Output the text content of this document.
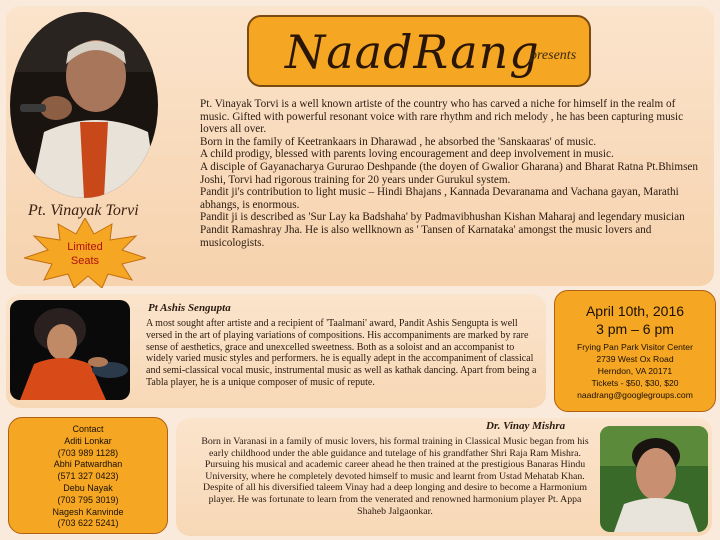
Pt. Vinayak Torvi
Limited
Seats
NaadRang
presents

Pt. Vinayak Torvi is a well known artiste of the country who has carved a niche for himself in the realm of music. Gifted with powerful resonant voice with rare rhythm and rich melody , he has been capturing music lovers all over.

Born in the family of Keetrankaars in Dharawad , he absorbed the 'Sanskaaras' of music.

A child prodigy, blessed with parents loving encouragement and deep involvement in music.

A disciple of Gayanacharya Gururao Deshpande (the doyen of Gwalior Gharana) and Bharat Ratna Pt.Bhimsen Joshi, Torvi had rigorous training for 20 years under Gurukul system.

Pandit ji's contribution to light music – Hindi Bhajans , Kannada Devaranama and Vachana gayan, Marathi abhangs, is enormous.

Pandit ji is described as 'Sur Lay ka Badshaha' by Padmavibhushan Kishan Maharaj and legendary musician Pandit Ramashray Jha. He is also wellknown as ' Tansen of Karnataka' amongst the music lovers and musicologists.

Pt Ashis Sengupta

A most sought after artiste and a recipient of 'Taalmani' award, Pandit Ashis Sengupta is well versed in the art of playing variations of compositions. His accompaniments are marked by rare sense of aesthetics, grace and unexcelled sweetness. Both as a soloist and an accompanist to widely varied music styles and performers. he is equally adept in the accompaniment of classical and semi-classical vocal music, instrumental music as well as kathak dancing. Apart from being a Tabla player, he is a unique composer of music of repute.

April 10th, 2016
3 pm – 6 pm
Frying Pan Park Visitor Center
2739 West Ox Road
Herndon, VA 20171
Tickets - $50, $30, $20
naadrang@googlegroups.com
Contact
Aditi Lonkar
(703 989 1128)
Abhi Patwardhan
(571 327 0423)
Debu Nayak
(703 795 3019)
Nagesh Kanvinde
(703 622 5241)
Dr. Vinay Mishra

Born in Varanasi in a family of music lovers, his formal training in Classical Music began from his early childhood under the able guidance and tutelage of his grandfather Shri Raja Ram Mishra. Pursuing his musical and academic career ahead he then trained at the prestigious Banaras Hindu University, where he completely devoted himself to music and learnt from Ustad Mehatab Khan. Despite of all his diversified taleem Vinay had a deep longing and desire to become a Harmonium player. He was fortunate to learn from the venerated and renowned harmonium player Pt. Appa Shaheb Jalgaonkar.
